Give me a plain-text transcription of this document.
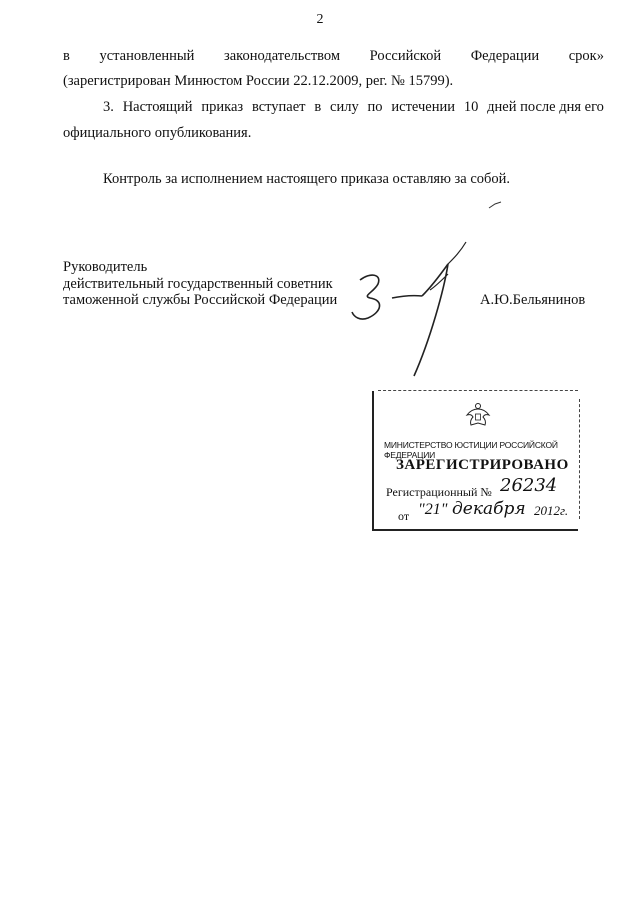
2
в установленный законодательством Российской Федерации срок»
(зарегистрирован Минюстом России 22.12.2009, рег. № 15799).
3. Настоящий приказ вступает в силу по истечении 10 дней после дня его
официального опубликования.
Контроль за исполнением настоящего приказа оставляю за собой.
Руководитель
действительный государственный советник
таможенной службы Российской Федерации	А.Ю.Бельянинов
МИНИСТЕРСТВО ЮСТИЦИИ РОССИЙСКОЙ ФЕДЕРАЦИИ
ЗАРЕГИСТРИРОВАНО
Регистрационный № 26234
от "21" декабря 2012г.
